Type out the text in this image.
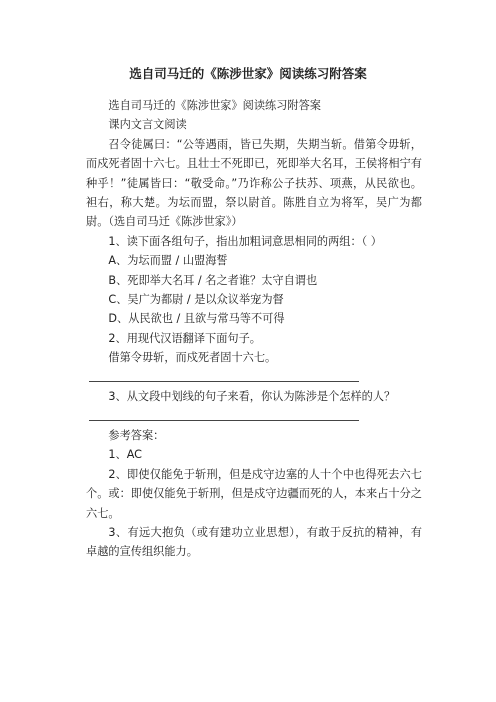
选自司马迁的《陈涉世家》阅读练习附答案

选自司马迁的《陈涉世家》阅读练习附答案

课内文言文阅读

召令徒属曰：“公等遇雨，皆已失期，失期当斩。借第令毋斩，而戍死者固十六七。且壮士不死即已，死即举大名耳，王侯将相宁有种乎！”徒属皆曰：“敬受命。”乃诈称公子扶苏、项燕，从民欲也。袒右，称大楚。为坛而盟，祭以尉首。陈胜自立为将军，吴广为都尉。（选自司马迁《陈涉世家》）

1、读下面各组句子，指出加粗词意思相同的两组：（ ）

A、为坛而盟 / 山盟海誓

B、死即举大名耳 / 名之者谁？太守自谓也

C、吴广为都尉 / 是以众议举宠为督

D、从民欲也 / 且欲与常马等不可得

2、用现代汉语翻译下面句子。

借第令毋斩，而戍死者固十六七。

3、从文段中划线的句子来看，你认为陈涉是个怎样的人？

参考答案：

1、AC

2、即使仅能免于斩刑，但是戍守边塞的人十个中也得死去六七个。或：即使仅能免于斩刑，但是戍守边疆而死的人，本来占十分之六七。

3、有远大抱负（或有建功立业思想），有敢于反抗的精神，有卓越的宣传组织能力。
